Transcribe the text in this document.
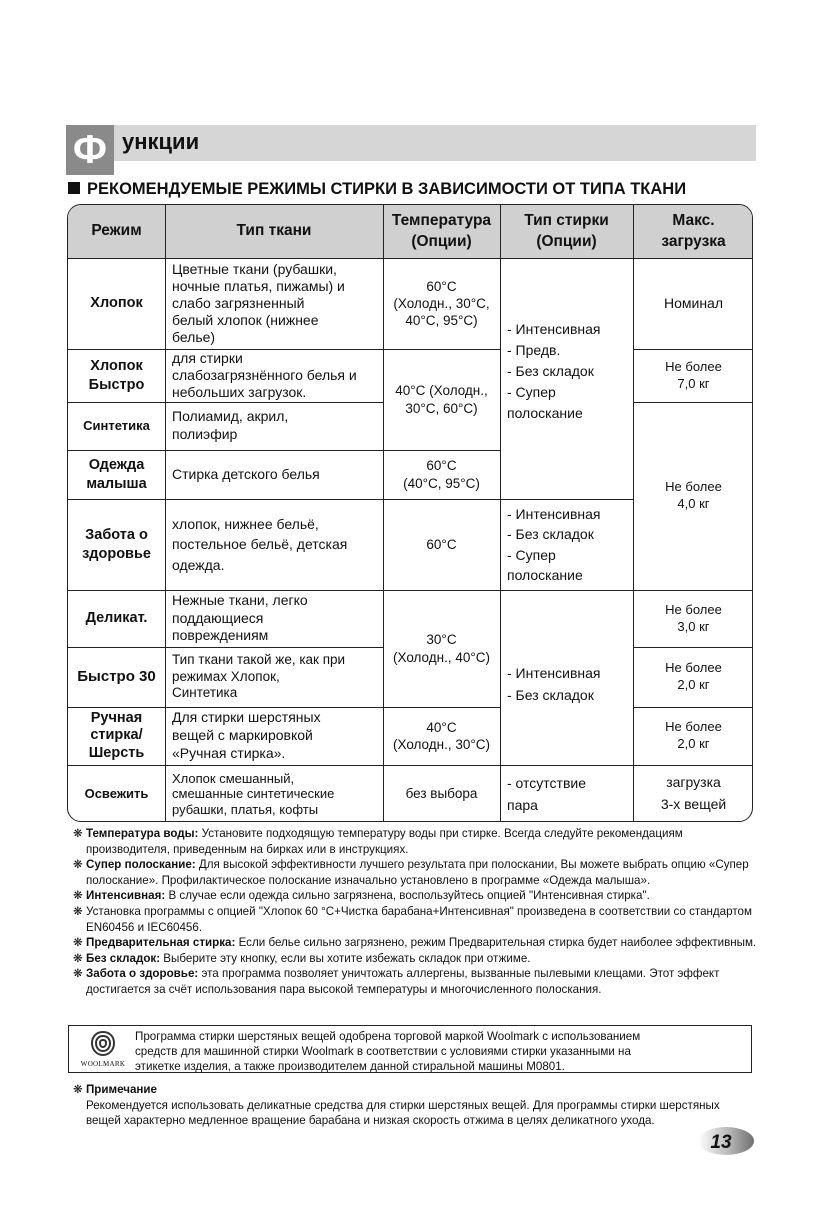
Ф ункции
РЕКОМЕНДУЕМЫЕ РЕЖИМЫ СТИРКИ В ЗАВИСИМОСТИ ОТ ТИПА ТКАНИ
Режим	Тип ткани
Температура
(Опции)
Тип стирки
(Опции)
Макс.
загрузка
Хлопок
Хлопок
Быстро
Синтетика
Одежда
малыша
Забота о
здоровье
Деликат.
Быстро 30
Ручная
стирка/
Шерсть
Освежить
Цветные ткани (рубашки,
ночные платья, пижамы) и
слабо загрязненный
белый хлопок (нижнее
белье)
для стирки
слабозагрязнённого белья и
небольших загрузок.
Полиамид, акрил,
полиэфир
Стирка детского белья
хлопок, нижнее бельё,
постельное бельё, детская
одежда.
Нежные ткани, легко
поддающиеся
повреждениям
Тип ткани такой же, как при
режимах Хлопок,
Синтетика
Для стирки шерстяных
вещей с маркировкой
«Ручная стирка».
Хлопок смешанный,
смешанные синтетические
рубашки, платья, кофты
60°C
(Холодн., 30°C,
40°C, 95°C)
40°C (Холодн.,
30°C, 60°C)
60°C
(40°C, 95°C)
60°C
30°C
(Холодн., 40°C)
40°C
(Холодн., 30°C)
без выбора
- Интенсивная
- Предв.
- Без складок
- Супер
полоскание
- Интенсивная
- Без складок
- Супер
полоскание
- Интенсивная
- Без складок
- отсутствие
пара
Номинал
Не более
7,0 кг
Не более
4,0 кг
Не более
3,0 кг
Не более
2,0 кг
Не более
2,0 кг
загрузка
3-х вещей
❋ Температура воды: Установите подходящую температуру воды при стирке. Всегда следуйте рекомендациям производителя, приведенным на бирках или в инструкциях.
❋ Супер полоскание: Для высокой эффективности лучшего результата при полоскании, Вы можете выбрать опцию «Супер полоскание». Профилактическое полоскание изначально установлено в программе «Одежда малыша».
❋ Интенсивная: В случае если одежда сильно загрязнена, воспользуйтесь опцией "Интенсивная стирка".
❋ Установка программы с опцией "Хлопок 60 °C+Чистка барабана+Интенсивная" произведена в соответствии со стандартом EN60456 и IEC60456.
❋ Предварительная стирка: Если белье сильно загрязнено, режим Предварительная стирка будет наиболее эффективным.
❋ Без складок: Выберите эту кнопку, если вы хотите избежать складок при отжиме.
❋ Забота о здоровье: эта программа позволяет уничтожать аллергены, вызванные пылевыми клещами. Этот эффект достигается за счёт использования пара высокой температуры и многочисленного полоскания.
WOOLMARK
Программа стирки шерстяных вещей одобрена торговой маркой Woolmark с использованием
средств для машинной стирки Woolmark в соответствии с условиями стирки указанными на
этикетке изделия, а также производителем данной стиральной машины M0801.
❋ Примечание
Рекомендуется использовать деликатные средства для стирки шерстяных вещей. Для программы стирки шерстяных
вещей характерно медленное вращение барабана и низкая скорость отжима в целях деликатного ухода.
13
